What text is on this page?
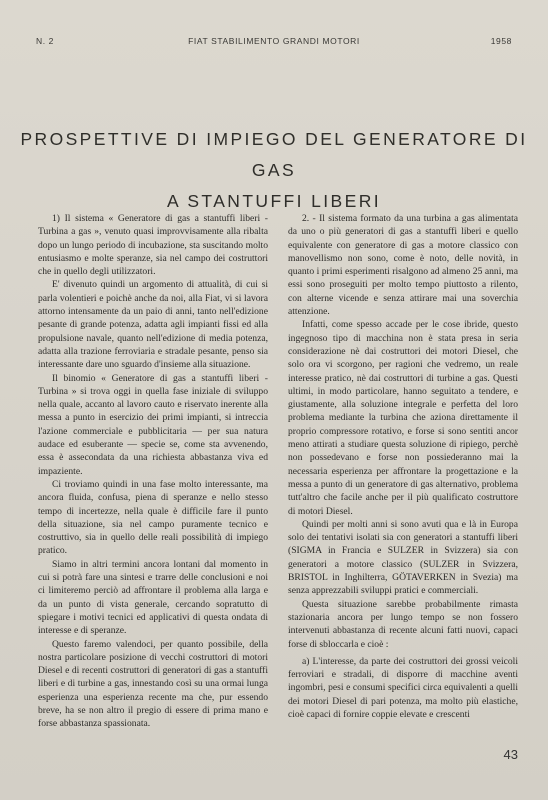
N. 2	FIAT STABILIMENTO GRANDI MOTORI	1958
PROSPETTIVE DI IMPIEGO DEL GENERATORE DI GAS
A STANTUFFI LIBERI

1) Il sistema « Generatore di gas a stantuffi liberi - Turbina a gas », venuto quasi improvvisamente alla ribalta dopo un lungo periodo di incubazione, sta suscitando molto entusiasmo e molte speranze, sia nel campo dei costruttori che in quello degli utilizzatori.

E' divenuto quindi un argomento di attualità, di cui si parla volentieri e poichè anche da noi, alla Fiat, vi si lavora attorno intensamente da un paio di anni, tanto nell'edizione pesante di grande potenza, adatta agli impianti fissi ed alla propulsione navale, quanto nell'edizione di media potenza, adatta alla trazione ferroviaria e stradale pesante, penso sia interessante dare uno sguardo d'insieme alla situazione.

Il binomio « Generatore di gas a stantuffi liberi - Turbina » si trova oggi in quella fase iniziale di sviluppo nella quale, accanto al lavoro cauto e riservato inerente alla messa a punto in esercizio dei primi impianti, si intreccia l'azione commerciale e pubblicitaria — per sua natura audace ed esuberante — specie se, come sta avvenendo, essa è assecondata da una richiesta abbastanza viva ed impaziente.

Ci troviamo quindi in una fase molto interessante, ma ancora fluida, confusa, piena di speranze e nello stesso tempo di incertezze, nella quale è difficile fare il punto della situazione, sia nel campo puramente tecnico e costruttivo, sia in quello delle reali possibilità di impiego pratico.

Siamo in altri termini ancora lontani dal momento in cui si potrà fare una sintesi e trarre delle conclusioni e noi ci limiteremo perciò ad affrontare il problema alla larga e da un punto di vista generale, cercando sopratutto di spiegare i motivi tecnici ed applicativi di questa ondata di interesse e di speranze.

Questo faremo valendoci, per quanto possibile, della nostra particolare posizione di vecchi costruttori di motori Diesel e di recenti costruttori di generatori di gas a stantuffi liberi e di turbine a gas, innestando così su una ormai lunga esperienza una esperienza recente ma che, pur essendo breve, ha se non altro il pregio di essere di prima mano e forse abbastanza spassionata.

2. - Il sistema formato da una turbina a gas alimentata da uno o più generatori di gas a stantuffi liberi e quello equivalente con generatore di gas a motore classico con manovellismo non sono, come è noto, delle novità, in quanto i primi esperimenti risalgono ad almeno 25 anni, ma essi sono proseguiti per molto tempo piuttosto a rilento, con alterne vicende e senza attirare mai una soverchia attenzione.

Infatti, come spesso accade per le cose ibride, questo ingegnoso tipo di macchina non è stata presa in seria considerazione nè dai costruttori dei motori Diesel, che solo ora vi scorgono, per ragioni che vedremo, un reale interesse pratico, nè dai costruttori di turbine a gas. Questi ultimi, in modo particolare, hanno seguitato a tendere, e giustamente, alla soluzione integrale e perfetta del loro problema mediante la turbina che aziona direttamente il proprio compressore rotativo, e forse si sono sentiti ancor meno attirati a studiare questa soluzione di ripiego, perchè non possedevano e forse non possiederanno mai la necessaria esperienza per affrontare la progettazione e la messa a punto di un generatore di gas alternativo, problema tutt'altro che facile anche per il più qualificato costruttore di motori Diesel.

Quindi per molti anni si sono avuti qua e là in Europa solo dei tentativi isolati sia con generatori a stantuffi liberi (SIGMA in Francia e SULZER in Svizzera) sia con generatori a motore classico (SULZER in Svizzera, BRISTOL in Inghilterra, GÖTAVERKEN in Svezia) ma senza apprezzabili sviluppi pratici e commerciali.

Questa situazione sarebbe probabilmente rimasta stazionaria ancora per lungo tempo se non fossero intervenuti abbastanza di recente alcuni fatti nuovi, capaci forse di sbloccarla e cioè :

a) L'interesse, da parte dei costruttori dei grossi veicoli ferroviari e stradali, di disporre di macchine aventi ingombri, pesi e consumi specifici circa equivalenti a quelli dei motori Diesel di pari potenza, ma molto più elastiche, cioè capaci di fornire coppie elevate e crescenti

43
